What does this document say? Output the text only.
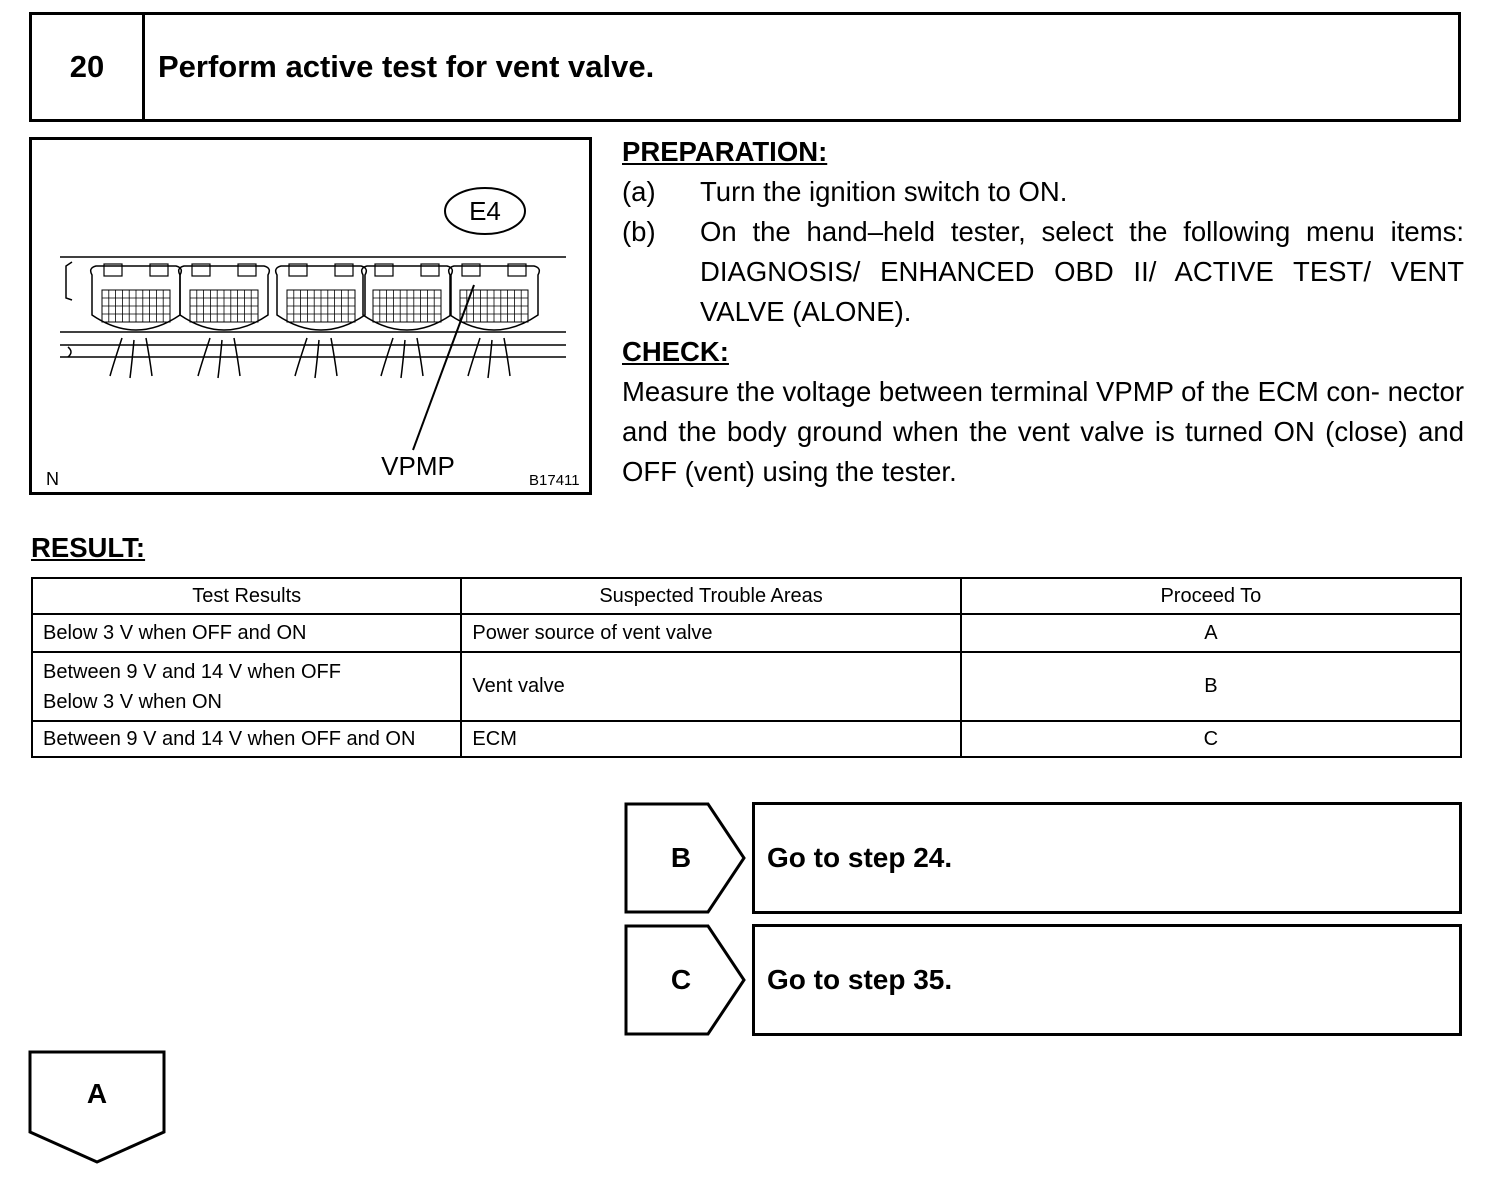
20	Perform active test for vent valve.
E4
VPMP
N	B17411
PREPARATION:
(a)	Turn the ignition switch to ON.
(b)	On the hand–held tester, select the following menu items: DIAGNOSIS/ ENHANCED OBD II/ ACTIVE TEST/ VENT VALVE (ALONE).
CHECK:
Measure the voltage between terminal VPMP of the ECM con- nector and the body ground when the vent valve is turned ON (close) and OFF (vent) using the tester.
RESULT:
Test Results	Suspected Trouble Areas	Proceed To
Below 3 V when OFF and ON	Power source of vent valve	A

Between 9 V and 14 V when OFF
Below 3 V when ON	Vent valve	B
Between 9 V and 14 V when OFF and ON	ECM	C
B	Go to step 24.
C	Go to step 35.
A
